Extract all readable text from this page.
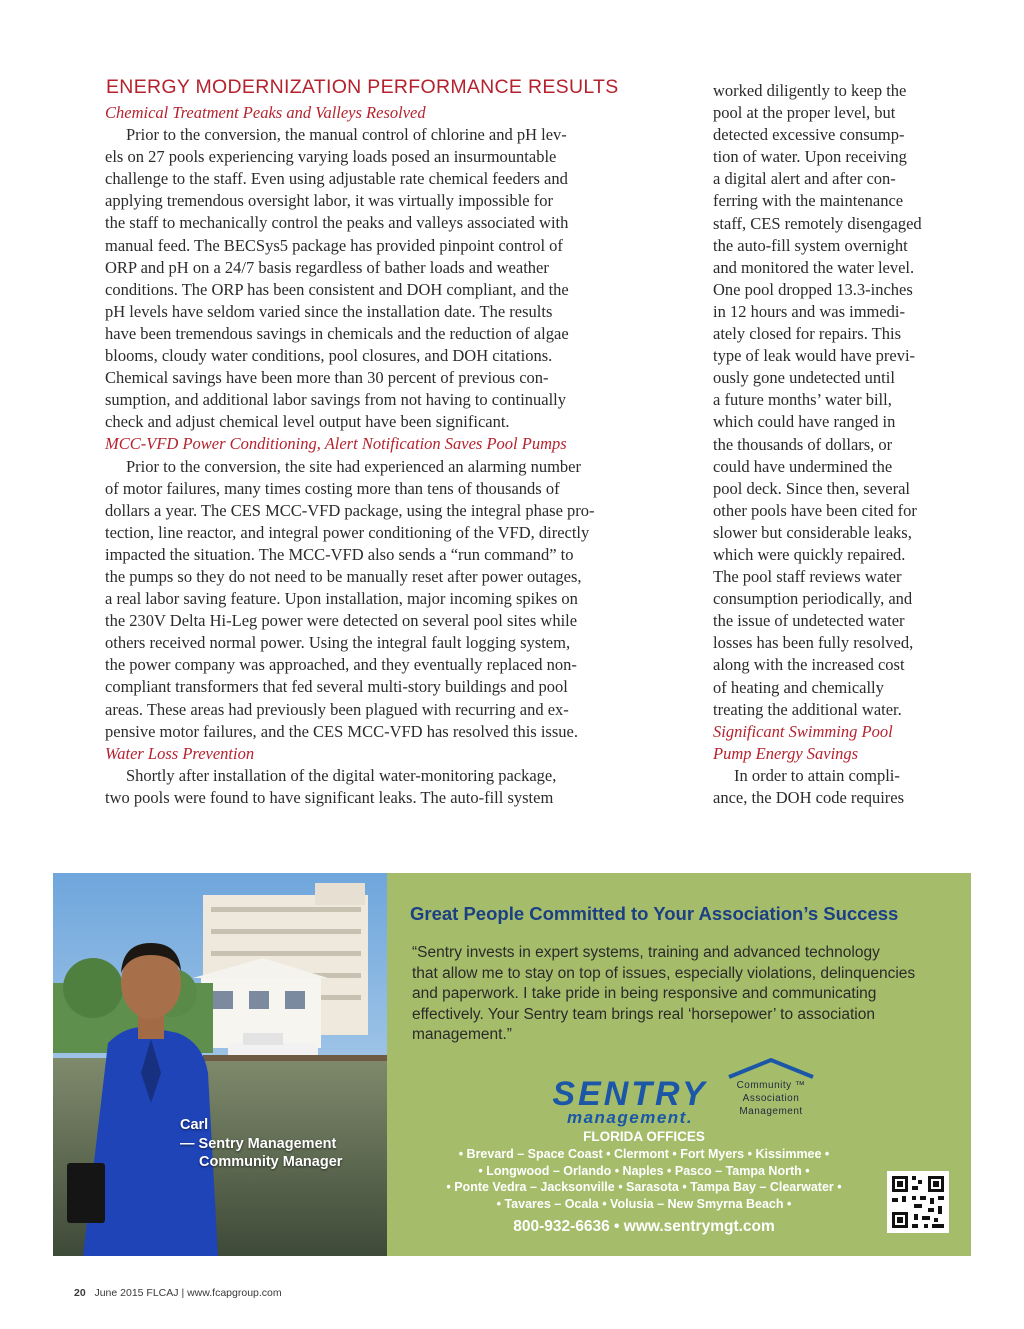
ENERGY MODERNIZATION PERFORMANCE RESULTS
Chemical Treatment Peaks and Valleys Resolved
Prior to the conversion, the manual control of chlorine and pH lev-
els on 27 pools experiencing varying loads posed an insurmountable
challenge to the staff. Even using adjustable rate chemical feeders and
applying tremendous oversight labor, it was virtually impossible for
the staff to mechanically control the peaks and valleys associated with
manual feed. The BECSys5 package has provided pinpoint control of
ORP and pH on a 24/7 basis regardless of bather loads and weather
conditions. The ORP has been consistent and DOH compliant, and the
pH levels have seldom varied since the installation date. The results
have been tremendous savings in chemicals and the reduction of algae
blooms, cloudy water conditions, pool closures, and DOH citations.
Chemical savings have been more than 30 percent of previous con-
sumption, and additional labor savings from not having to continually
check and adjust chemical level output have been significant.
MCC-VFD Power Conditioning, Alert Notification Saves Pool Pumps
Prior to the conversion, the site had experienced an alarming number
of motor failures, many times costing more than tens of thousands of
dollars a year. The CES MCC-VFD package, using the integral phase pro-
tection, line reactor, and integral power conditioning of the VFD, directly
impacted the situation. The MCC-VFD also sends a “run command” to
the pumps so they do not need to be manually reset after power outages,
a real labor saving feature. Upon installation, major incoming spikes on
the 230V Delta Hi-Leg power were detected on several pool sites while
others received normal power. Using the integral fault logging system,
the power company was approached, and they eventually replaced non-
compliant transformers that fed several multi-story buildings and pool
areas. These areas had previously been plagued with recurring and ex-
pensive motor failures, and the CES MCC-VFD has resolved this issue.
Water Loss Prevention
Shortly after installation of the digital water-monitoring package,
two pools were found to have significant leaks. The auto-fill system
worked diligently to keep the
pool at the proper level, but
detected excessive consump-
tion of water. Upon receiving
a digital alert and after con-
ferring with the maintenance
staff, CES remotely disengaged
the auto-fill system overnight
and monitored the water level.
One pool dropped 13.3-inches
in 12 hours and was immedi-
ately closed for repairs. This
type of leak would have previ-
ously gone undetected until
a future months’ water bill,
which could have ranged in
the thousands of dollars, or
could have undermined the
pool deck. Since then, several
other pools have been cited for
slower but considerable leaks,
which were quickly repaired.
The pool staff reviews water
consumption periodically, and
the issue of undetected water
losses has been fully resolved,
along with the increased cost
of heating and chemically
treating the additional water.
Significant Swimming Pool
Pump Energy Savings
In order to attain compli-
ance, the DOH code requires
Carl
— Sentry Management
Community Manager
Great People Committed to Your Association’s Success
“Sentry invests in expert systems, training and advanced technology
that allow me to stay on top of issues, especially violations, delinquencies
and paperwork. I take pride in being responsive and communicating
effectively. Your Sentry team brings real ‘horsepower’ to association
management.”
SENTRY
management.
Community ™
Association
Management
FLORIDA OFFICES
• Brevard – Space Coast • Clermont • Fort Myers • Kissimmee •
• Longwood – Orlando • Naples • Pasco – Tampa North •
• Ponte Vedra – Jacksonville • Sarasota • Tampa Bay – Clearwater •
• Tavares – Ocala • Volusia – New Smyrna Beach •
800-932-6636 • www.sentrymgt.com
20 June 2015 FLCAJ | www.fcapgroup.com
